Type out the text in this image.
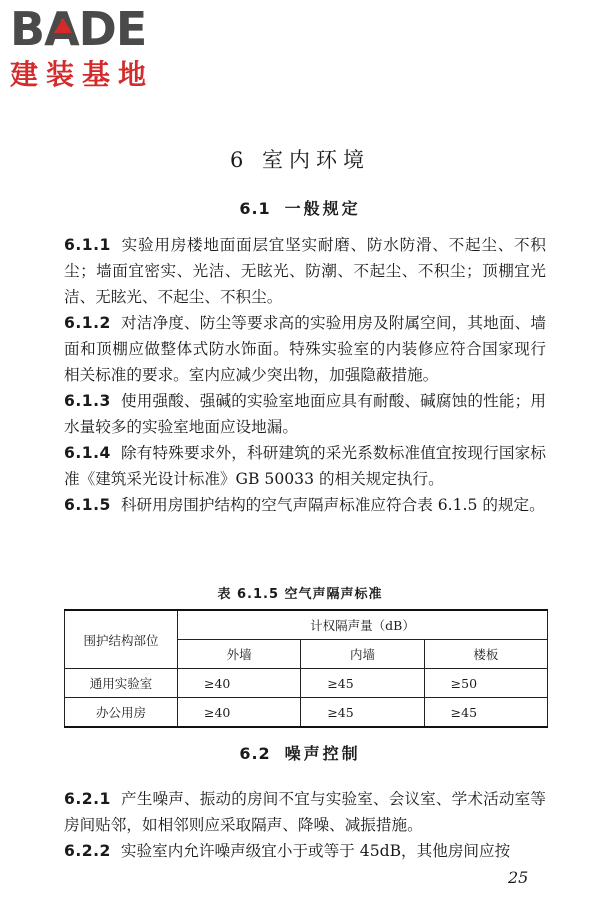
B A DE
建装基地
6 室内环境
6.1 一般规定

6.1.1 实验用房楼地面面层宜坚实耐磨、防水防滑、不起尘、不积尘；墙面宜密实、光洁、无眩光、防潮、不起尘、不积尘；顶棚宜光洁、无眩光、不起尘、不积尘。

6.1.2 对洁净度、防尘等要求高的实验用房及附属空间，其地面、墙面和顶棚应做整体式防水饰面。特殊实验室的内装修应符合国家现行相关标准的要求。室内应减少突出物，加强隐蔽措施。

6.1.3 使用强酸、强碱的实验室地面应具有耐酸、碱腐蚀的性能；用水量较多的实验室地面应设地漏。

6.1.4 除有特殊要求外，科研建筑的采光系数标准值宜按现行国家标准《建筑采光设计标准》GB 50033 的相关规定执行。

6.1.5 科研用房围护结构的空气声隔声标准应符合表 6.1.5 的规定。

表 6.1.5 空气声隔声标准
围护结构部位	计权隔声量（dB）		
	外墙	内墙	楼板
通用实验室	≥40	≥45	≥50
办公用房	≥40	≥45	≥45
6.2 噪声控制

6.2.1 产生噪声、振动的房间不宜与实验室、会议室、学术活动室等房间贴邻，如相邻则应采取隔声、降噪、减振措施。

6.2.2 实验室内允许噪声级宜小于或等于 45dB，其他房间应按

25
